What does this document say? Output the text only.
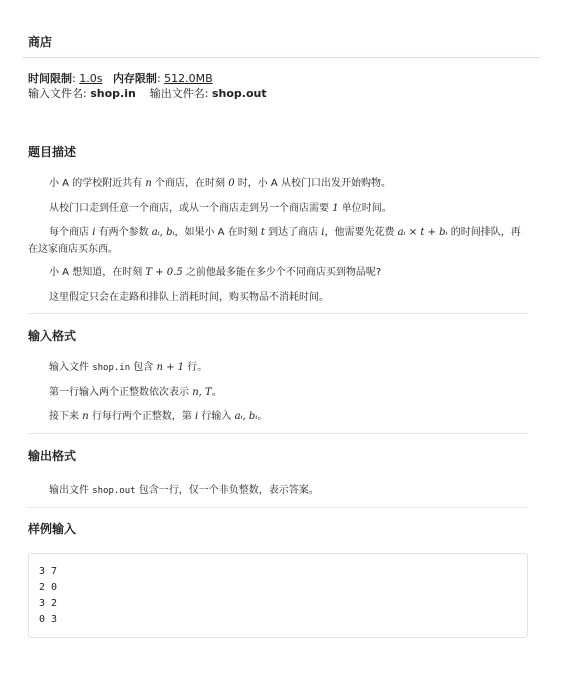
商店
时间限制: 1.0s 内存限制: 512.0MB
输入文件名: shop.in 输出文件名: shop.out
题目描述
小 A 的学校附近共有 n 个商店，在时刻 0 时，小 A 从校门口出发开始购物。
从校门口走到任意一个商店，或从一个商店走到另一个商店需要 1 单位时间。
每个商店 i 有两个参数 aᵢ, bᵢ，如果小 A 在时刻 t 到达了商店 i，他需要先花费 aᵢ × t + bᵢ 的时间排队，再在这家商店买东西。
小 A 想知道，在时刻 T + 0.5 之前他最多能在多少个不同商店买到物品呢?
这里假定只会在走路和排队上消耗时间，购买物品不消耗时间。
输入格式
输入文件 shop.in 包含 n + 1 行。
第一行输入两个正整数依次表示 n, T。
接下来 n 行每行两个正整数，第 i 行输入 aᵢ, bᵢ。
输出格式
输出文件 shop.out 包含一行，仅一个非负整数，表示答案。
样例输入
3 7
2 0
3 2
0 3
